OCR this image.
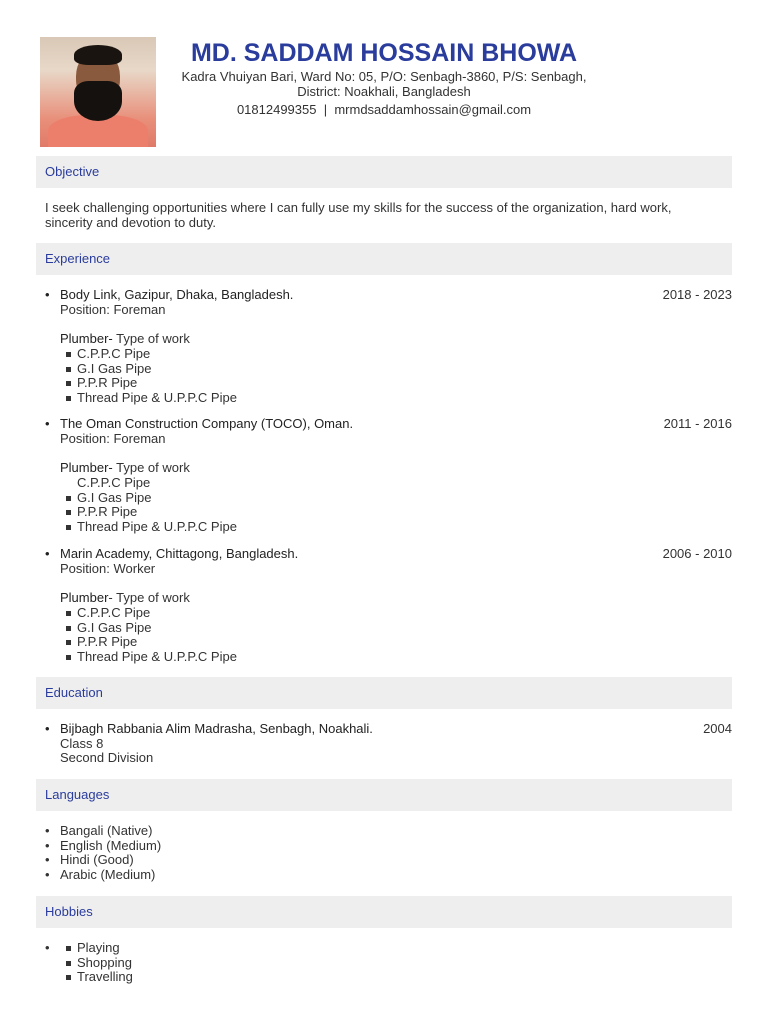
MD. SADDAM HOSSAIN BHOWA
Kadra Vhuiyan Bari, Ward No: 05, P/O: Senbagh-3860, P/S: Senbagh,
District: Noakhali, Bangladesh
01812499355 | mrmdsaddamhossain@gmail.com
Objective
I seek challenging opportunities where I can fully use my skills for the success of the organization, hard work,
sincerity and devotion to duty.
Experience
• Body Link, Gazipur, Dhaka, Bangladesh.	2018 - 2023
Position: Foreman
Plumber- Type of work
C.P.P.C Pipe
G.I Gas Pipe
P.P.R Pipe
Thread Pipe & U.P.P.C Pipe
• The Oman Construction Company (TOCO), Oman.	2011 - 2016
Position: Foreman
Plumber- Type of work
C.P.P.C Pipe
G.I Gas Pipe
P.P.R Pipe
Thread Pipe & U.P.P.C Pipe
• Marin Academy, Chittagong, Bangladesh.	2006 - 2010
Position: Worker
Plumber- Type of work
C.P.P.C Pipe
G.I Gas Pipe
P.P.R Pipe
Thread Pipe & U.P.P.C Pipe
Education
• Bijbagh Rabbania Alim Madrasha, Senbagh, Noakhali.	2004
Class 8
Second Division
Languages
• Bangali (Native)
• English (Medium)
• Hindi (Good)
• Arabic (Medium)
Hobbies
• Playing
Shopping
Travelling
